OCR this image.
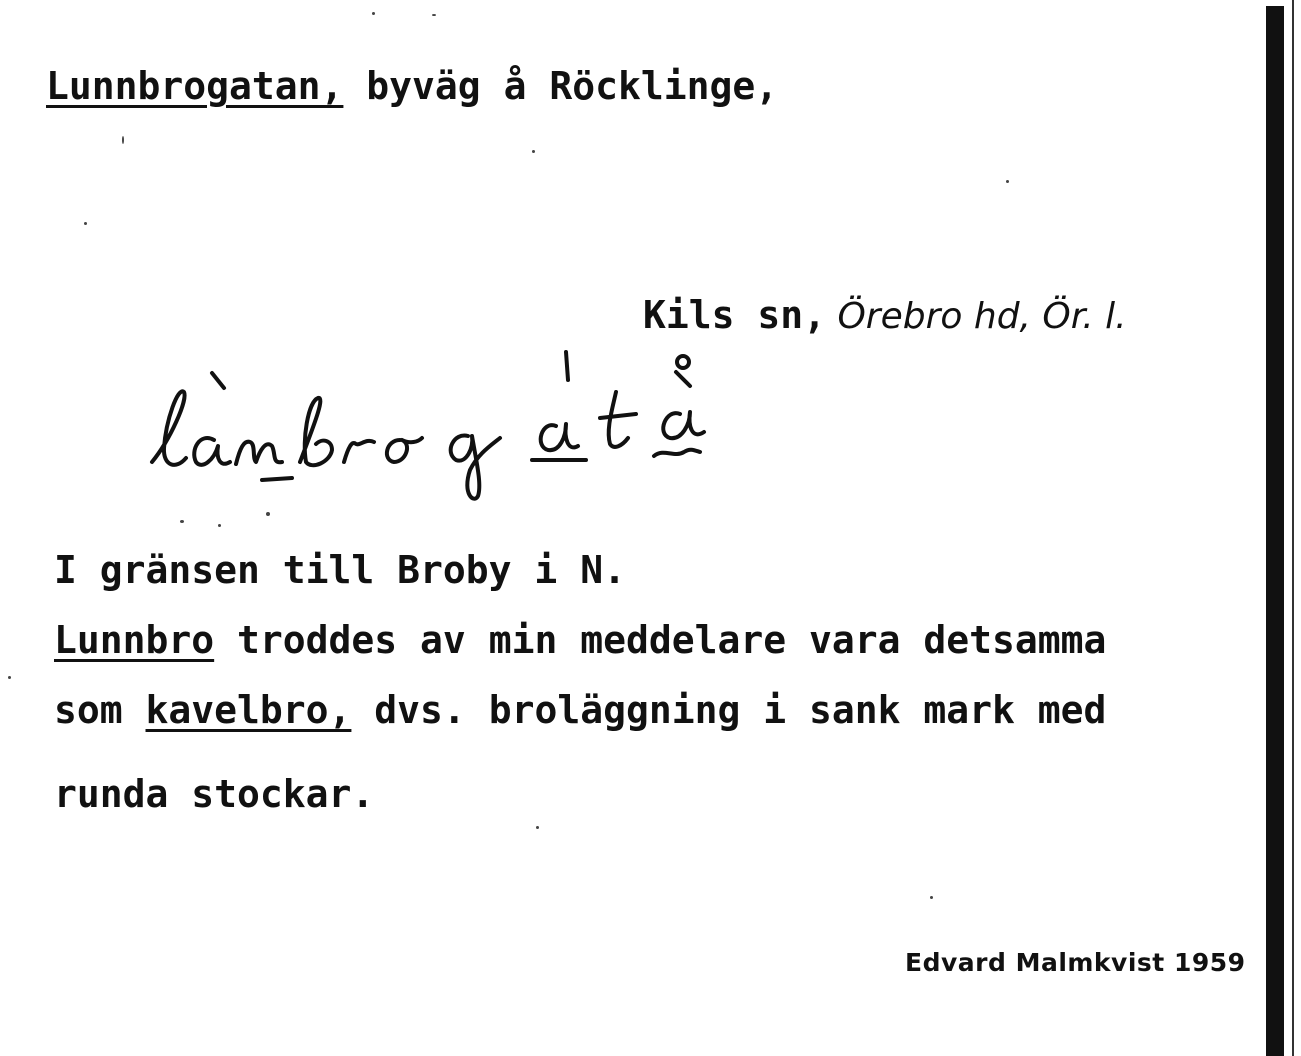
Lunnbrogatan, byväg å Röcklinge,
Kils sn, Örebro hd, Ör. l.
I gränsen till Broby i N.
Lunnbro troddes av min meddelare vara detsamma
som kavelbro, dvs. broläggning i sank mark med
runda stockar.
Edvard Malmkvist 1959
